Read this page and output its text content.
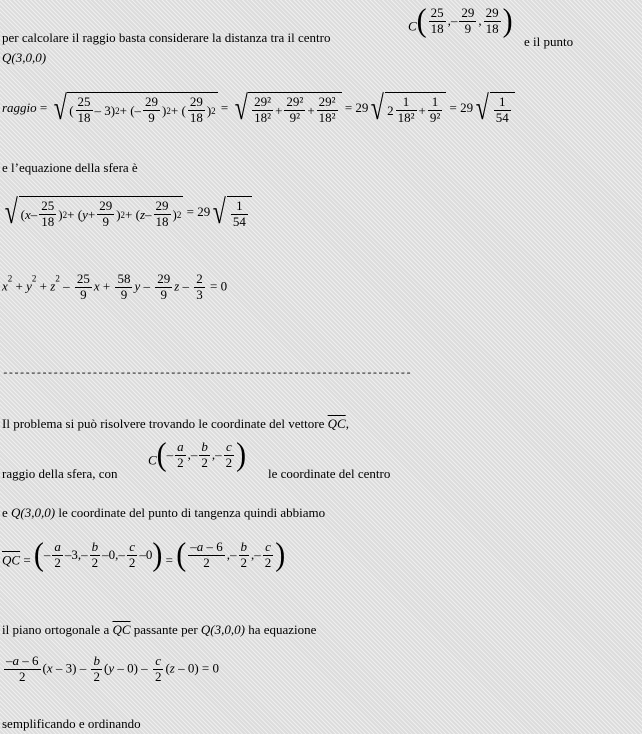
per calcolare il raggio basta considerare la distanza tra il centro
C ( $\frac{25}{18}$ ,– $\frac{29}{9}$ , $\frac{29}{18}$ )
e il punto
Q(3,0,0)
raggio = √ ( $\frac{25}{18} - 3$) 2 + (– $\frac{29}{9}$ ) 2 + ( $\frac{29}{18}$ ) 2 = √ $\frac{\text{29²}}{\text{18²}} + \frac{\text{29²}}{\text{9²}} + \frac{\text{29²}}{\text{18²}} = 29$ √ $2 \frac{1}{\text{18²}} + \frac{1}{\text{9²}} = 29$ √ $\frac{1}{54}$
e l’equazione della sfera è
√ ( x – $\frac{25}{18}$ ) 2 + ( $y + \frac{29}{9}$ ) 2 + ( z – $\frac{29}{18}$ ) 2 = 29 √ $\frac{1}{54}$
$x^2 + y^2 + z^2 - \frac{25}{9}$ $x + \frac{58}{9}$ y – $\frac{29}{9}$ $z - \frac{2}{3} = 0$
-------------------------------------------------------------------------
Il problema si può risolvere trovando le coordinate del vettore $\overline{QC}$,
raggio della sfera, con
C ( – $\frac{a}{2}$ ,– $\frac{b}{2}$ ,– $\frac{c}{2}$ )
le coordinate del centro
e Q(3,0,0) le coordinate del punto di tangenza quindi abbiamo
$\overline{QC}$ = ( – $\frac{a}{2} -3,- \frac{b}{2} -0,- \frac{c}{2} -0$ ) = ( $\frac{-a - 6}{2}$ ,– $\frac{b}{2}$ ,– $\frac{c}{2}$ )
il piano ortogonale a $\overline{QC}$ passante per Q(3,0,0) ha equazione
$\frac{-a - 6}{2} (x - 3) - \frac{b}{2} (y - 0) - \frac{c}{2} (z - 0) = 0$
semplificando e ordinando
